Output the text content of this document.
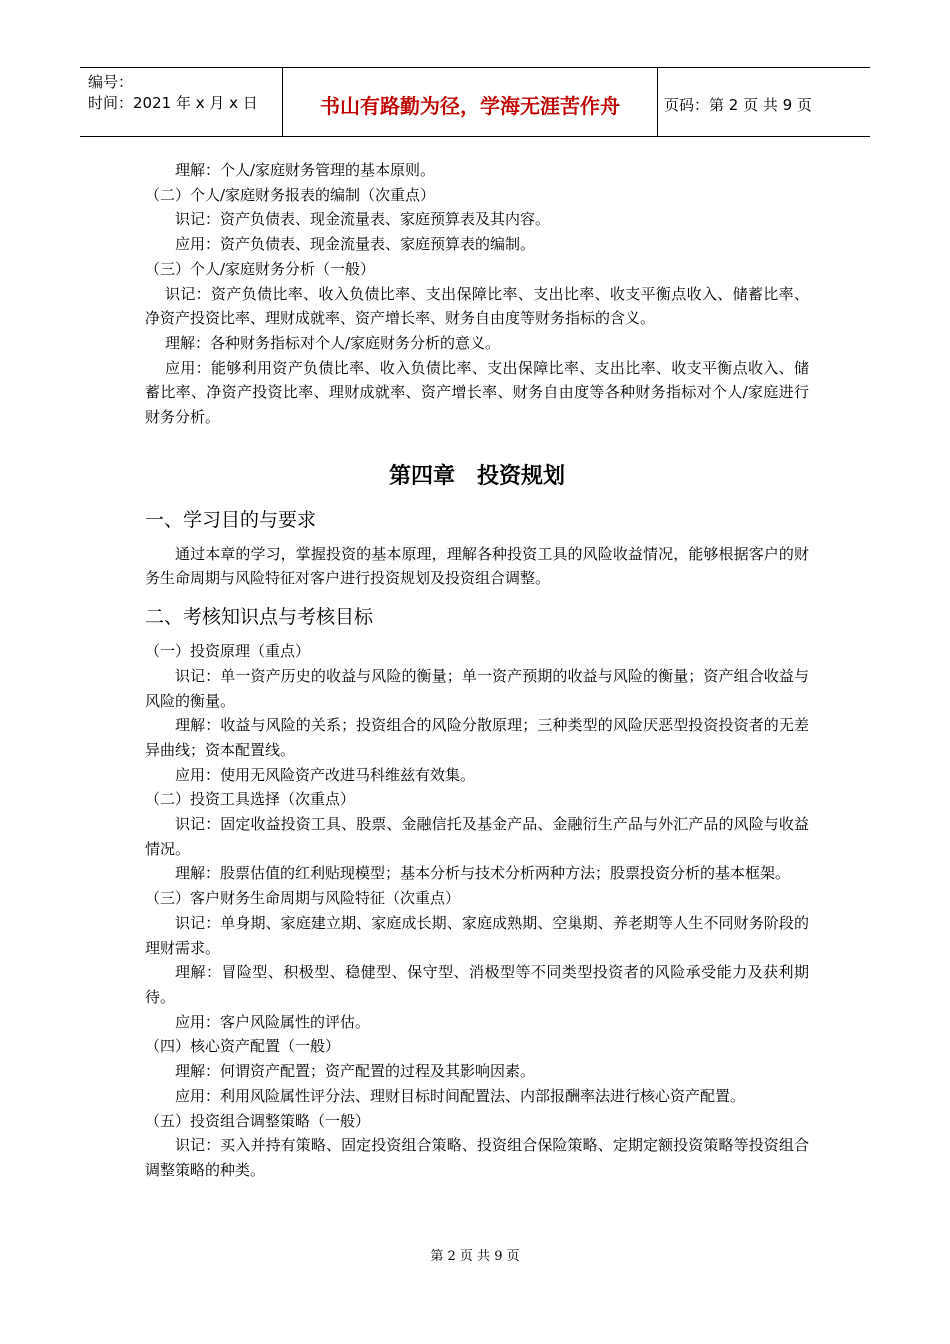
编号：
时间：2021 年 x 月 x 日	书山有路勤为径，学海无涯苦作舟	页码：第 2 页 共 9 页

理解：个人/家庭财务管理的基本原则。

（二）个人/家庭财务报表的编制（次重点）

识记：资产负债表、现金流量表、家庭预算表及其内容。

应用：资产负债表、现金流量表、家庭预算表的编制。

（三）个人/家庭财务分析（一般）

识记：资产负债比率、收入负债比率、支出保障比率、支出比率、收支平衡点收入、储蓄比率、净资产投资比率、理财成就率、资产增长率、财务自由度等财务指标的含义。

理解：各种财务指标对个人/家庭财务分析的意义。

应用：能够利用资产负债比率、收入负债比率、支出保障比率、支出比率、收支平衡点收入、储蓄比率、净资产投资比率、理财成就率、资产增长率、财务自由度等各种财务指标对个人/家庭进行财务分析。

第四章　投资规划
一、学习目的与要求

通过本章的学习，掌握投资的基本原理，理解各种投资工具的风险收益情况，能够根据客户的财务生命周期与风险特征对客户进行投资规划及投资组合调整。

二、考核知识点与考核目标

（一）投资原理（重点）

识记：单一资产历史的收益与风险的衡量；单一资产预期的收益与风险的衡量；资产组合收益与风险的衡量。

理解：收益与风险的关系；投资组合的风险分散原理；三种类型的风险厌恶型投资投资者的无差异曲线；资本配置线。

应用：使用无风险资产改进马科维兹有效集。

（二）投资工具选择（次重点）

识记：固定收益投资工具、股票、金融信托及基金产品、金融衍生产品与外汇产品的风险与收益情况。

理解：股票估值的红利贴现模型；基本分析与技术分析两种方法；股票投资分析的基本框架。

（三）客户财务生命周期与风险特征（次重点）

识记：单身期、家庭建立期、家庭成长期、家庭成熟期、空巢期、养老期等人生不同财务阶段的理财需求。

理解：冒险型、积极型、稳健型、保守型、消极型等不同类型投资者的风险承受能力及获利期待。

应用：客户风险属性的评估。

（四）核心资产配置（一般）

理解：何谓资产配置；资产配置的过程及其影响因素。

应用：利用风险属性评分法、理财目标时间配置法、内部报酬率法进行核心资产配置。

（五）投资组合调整策略（一般）

识记：买入并持有策略、固定投资组合策略、投资组合保险策略、定期定额投资策略等投资组合调整策略的种类。

第 2 页 共 9 页
